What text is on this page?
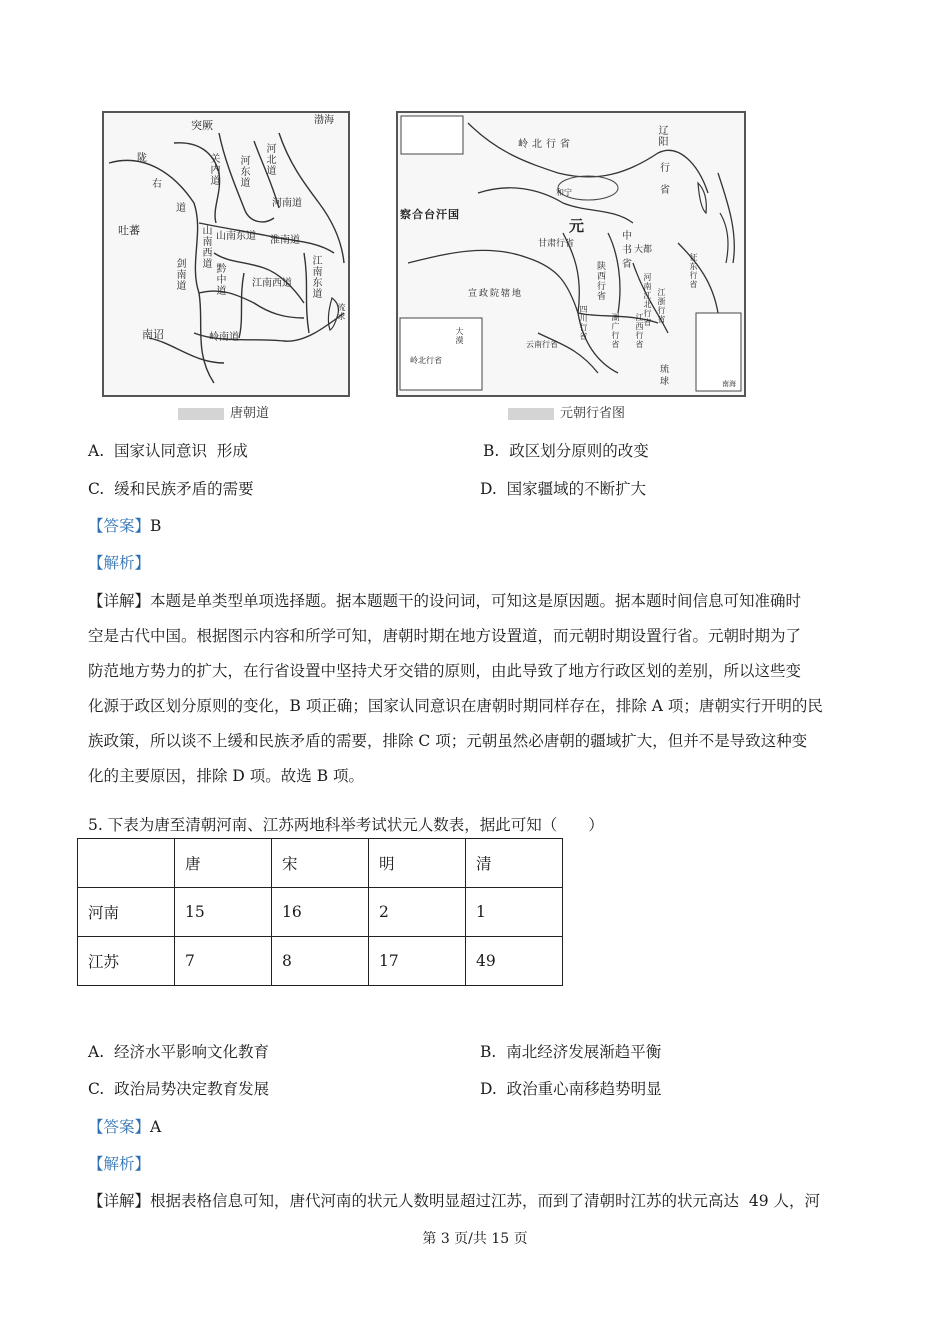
突厥	渤海
陇
右
道
关内道 河东道 河北道
吐蕃
河南道
山南西道 山南东道 淮南道
剑南道	黔中道	江南西道 江南东道
南诏	岭南道
流求
唐朝道
岭北行省	辽阳
行
省
和宁
察合台汗国
甘肃行省
中
书
省
大都
元
陕西行省	河南江北行省
宣政院辖地	江浙行省
四川行省	湖广行省 江西行省
云南行省
征东行省
岭北行省
大漠
琉
球	南海
元朝行省图
A. 国家认同意识  形成	B. 政区划分原则的改变
C. 缓和民族矛盾的需要	D. 国家疆域的不断扩大
【答案】B
【解析】
【详解】本题是单类型单项选择题。据本题题干的设问词，可知这是原因题。据本题时间信息可知准确时
空是古代中国。根据图示内容和所学可知，唐朝时期在地方设置道，而元朝时期设置行省。元朝时期为了
防范地方势力的扩大，在行省设置中坚持犬牙交错的原则，由此导致了地方行政区划的差别，所以这些变
化源于政区划分原则的变化，B 项正确；国家认同意识在唐朝时期同样存在，排除 A 项；唐朝实行开明的民
族政策，所以谈不上缓和民族矛盾的需要，排除 C 项；元朝虽然必唐朝的疆域扩大，但并不是导致这种变
化的主要原因，排除 D 项。故选 B 项。
5. 下表为唐至清朝河南、江苏两地科举考试状元人数表，据此可知（　　）
	唐	宋	明	清
河南	15	16	2	1
江苏	7	8	17	49
A. 经济水平影响文化教育	B. 南北经济发展渐趋平衡
C. 政治局势决定教育发展	D. 政治重心南移趋势明显
【答案】A
【解析】
【详解】根据表格信息可知，唐代河南的状元人数明显超过江苏，而到了清朝时江苏的状元高达  49 人，河
第 3 页/共 15 页
